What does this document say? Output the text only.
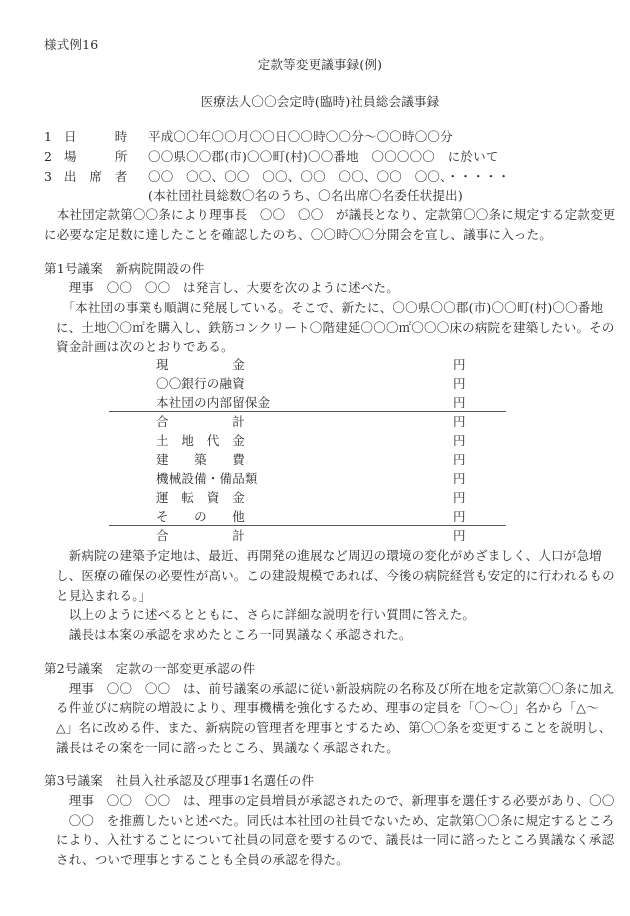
様式例16
定款等変更議事録(例)
医療法人〇〇会定時(臨時)社員総会議事録
1 日　　　時 平成〇〇年〇〇月〇〇日〇〇時〇〇分～〇〇時〇〇分
2 場　　　所 〇〇県〇〇郡(市)〇〇町(村)〇〇番地　〇〇〇〇〇　に於いて
3 出　席　者 〇〇　〇〇、〇〇　〇〇、〇〇　〇〇、〇〇　〇〇、・・・・・
(本社団社員総数〇名のうち、〇名出席〇名委任状提出)
　本社団定款第〇〇条により理事長　〇〇　〇〇　が議長となり、定款第〇〇条に規定する定款変更
に必要な定足数に達したことを確認したのち、〇〇時〇〇分開会を宣し、議事に入った。
第1号議案　新病院開設の件
　理事　〇〇　〇〇　は発言し、大要を次のように述べた。
　「本社団の事業も順調に発展している。そこで、新たに、〇〇県〇〇郡(市)〇〇町(村)〇〇番地
に、土地〇〇㎡を購入し、鉄筋コンクリート〇階建延〇〇〇㎡〇〇〇床の病院を建築したい。その
資金計画は次のとおりである。
現　　　　　金	円
〇〇銀行の融資	円
本社団の内部留保金	円
合　　　　　計	円
土　地　代　金	円
建　　築　　費	円
機械設備・備品類	円
運　転　資　金	円
そ　　の　　他	円
合　　　　　計	円
　新病院の建築予定地は、最近、再開発の進展など周辺の環境の変化がめざましく、人口が急増
し、医療の確保の必要性が高い。この建設規模であれば、今後の病院経営も安定的に行われるもの
と見込まれる。」
　以上のように述べるとともに、さらに詳細な説明を行い質問に答えた。
　議長は本案の承認を求めたところ一同異議なく承認された。
第2号議案　定款の一部変更承認の件
　理事　〇〇　〇〇　は、前号議案の承認に従い新設病院の名称及び所在地を定款第〇〇条に加え
る件並びに病院の増設により、理事機構を強化するため、理事の定員を「〇～〇」名から「△～
△」名に改める件、また、新病院の管理者を理事とするため、第〇〇条を変更することを説明し、
議長はその案を一同に諮ったところ、異議なく承認された。
第3号議案　社員入社承認及び理事1名選任の件
　理事　〇〇　〇〇　は、理事の定員増員が承認されたので、新理事を選任する必要があり、〇〇
　〇〇　を推薦したいと述べた。同氏は本社団の社員でないため、定款第〇〇条に規定するところ
により、入社することについて社員の同意を要するので、議長は一同に諮ったところ異議なく承認
され、ついで理事とすることも全員の承認を得た。
